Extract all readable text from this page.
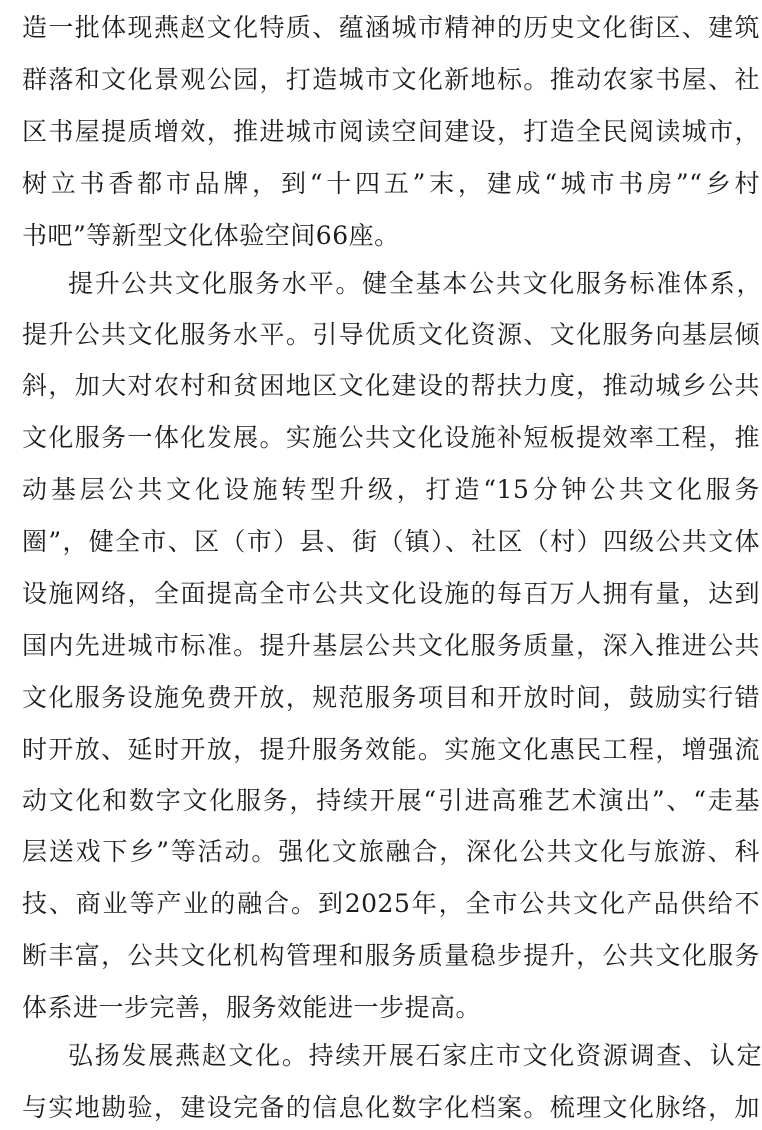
造一批体现燕赵文化特质、蕴涵城市精神的历史文化街区、建筑
群落和文化景观公园，打造城市文化新地标。推动农家书屋、社
区书屋提质增效，推进城市阅读空间建设，打造全民阅读城市，
树立书香都市品牌，到“十四五”末，建成“城市书房”“乡村
书吧”等新型文化体验空间66座。
提升公共文化服务水平。健全基本公共文化服务标准体系，
提升公共文化服务水平。引导优质文化资源、文化服务向基层倾
斜，加大对农村和贫困地区文化建设的帮扶力度，推动城乡公共
文化服务一体化发展。实施公共文化设施补短板提效率工程，推
动基层公共文化设施转型升级，打造“15分钟公共文化服务
圈”，健全市、区（市）县、街（镇）、社区（村）四级公共文体
设施网络，全面提高全市公共文化设施的每百万人拥有量，达到
国内先进城市标准。提升基层公共文化服务质量，深入推进公共
文化服务设施免费开放，规范服务项目和开放时间，鼓励实行错
时开放、延时开放，提升服务效能。实施文化惠民工程，增强流
动文化和数字文化服务，持续开展“引进高雅艺术演出”、“走基
层送戏下乡”等活动。强化文旅融合，深化公共文化与旅游、科
技、商业等产业的融合。到2025年，全市公共文化产品供给不
断丰富，公共文化机构管理和服务质量稳步提升，公共文化服务
体系进一步完善，服务效能进一步提高。
弘扬发展燕赵文化。持续开展石家庄市文化资源调查、认定
与实地勘验，建设完备的信息化数字化档案。梳理文化脉络，加
